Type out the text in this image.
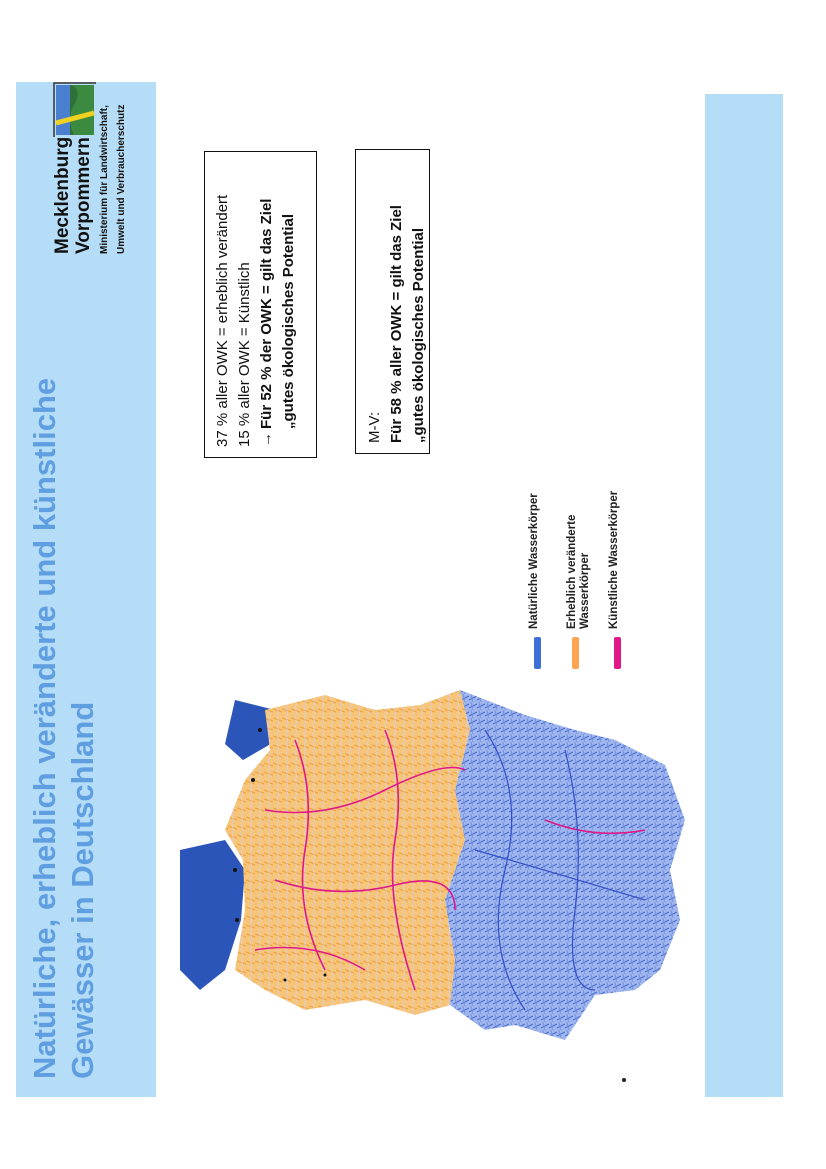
Natürliche, erheblich veränderte und künstliche Gewässer in Deutschland
Mecklenburg Vorpommern Ministerium für Landwirtschaft, Umwelt und Verbraucherschutz

37 % aller OWK = erheblich verändert 15 % aller OWK = Künstlich →Für 52 % der OWK = gilt das Ziel „gutes ökologisches Potential	M-V: Für 58 % aller OWK = gilt das Ziel „gutes ökologisches Potential

Natürliche Wasserkörper Erheblich veränderte Wasserkörper Künstliche Wasserkörper
